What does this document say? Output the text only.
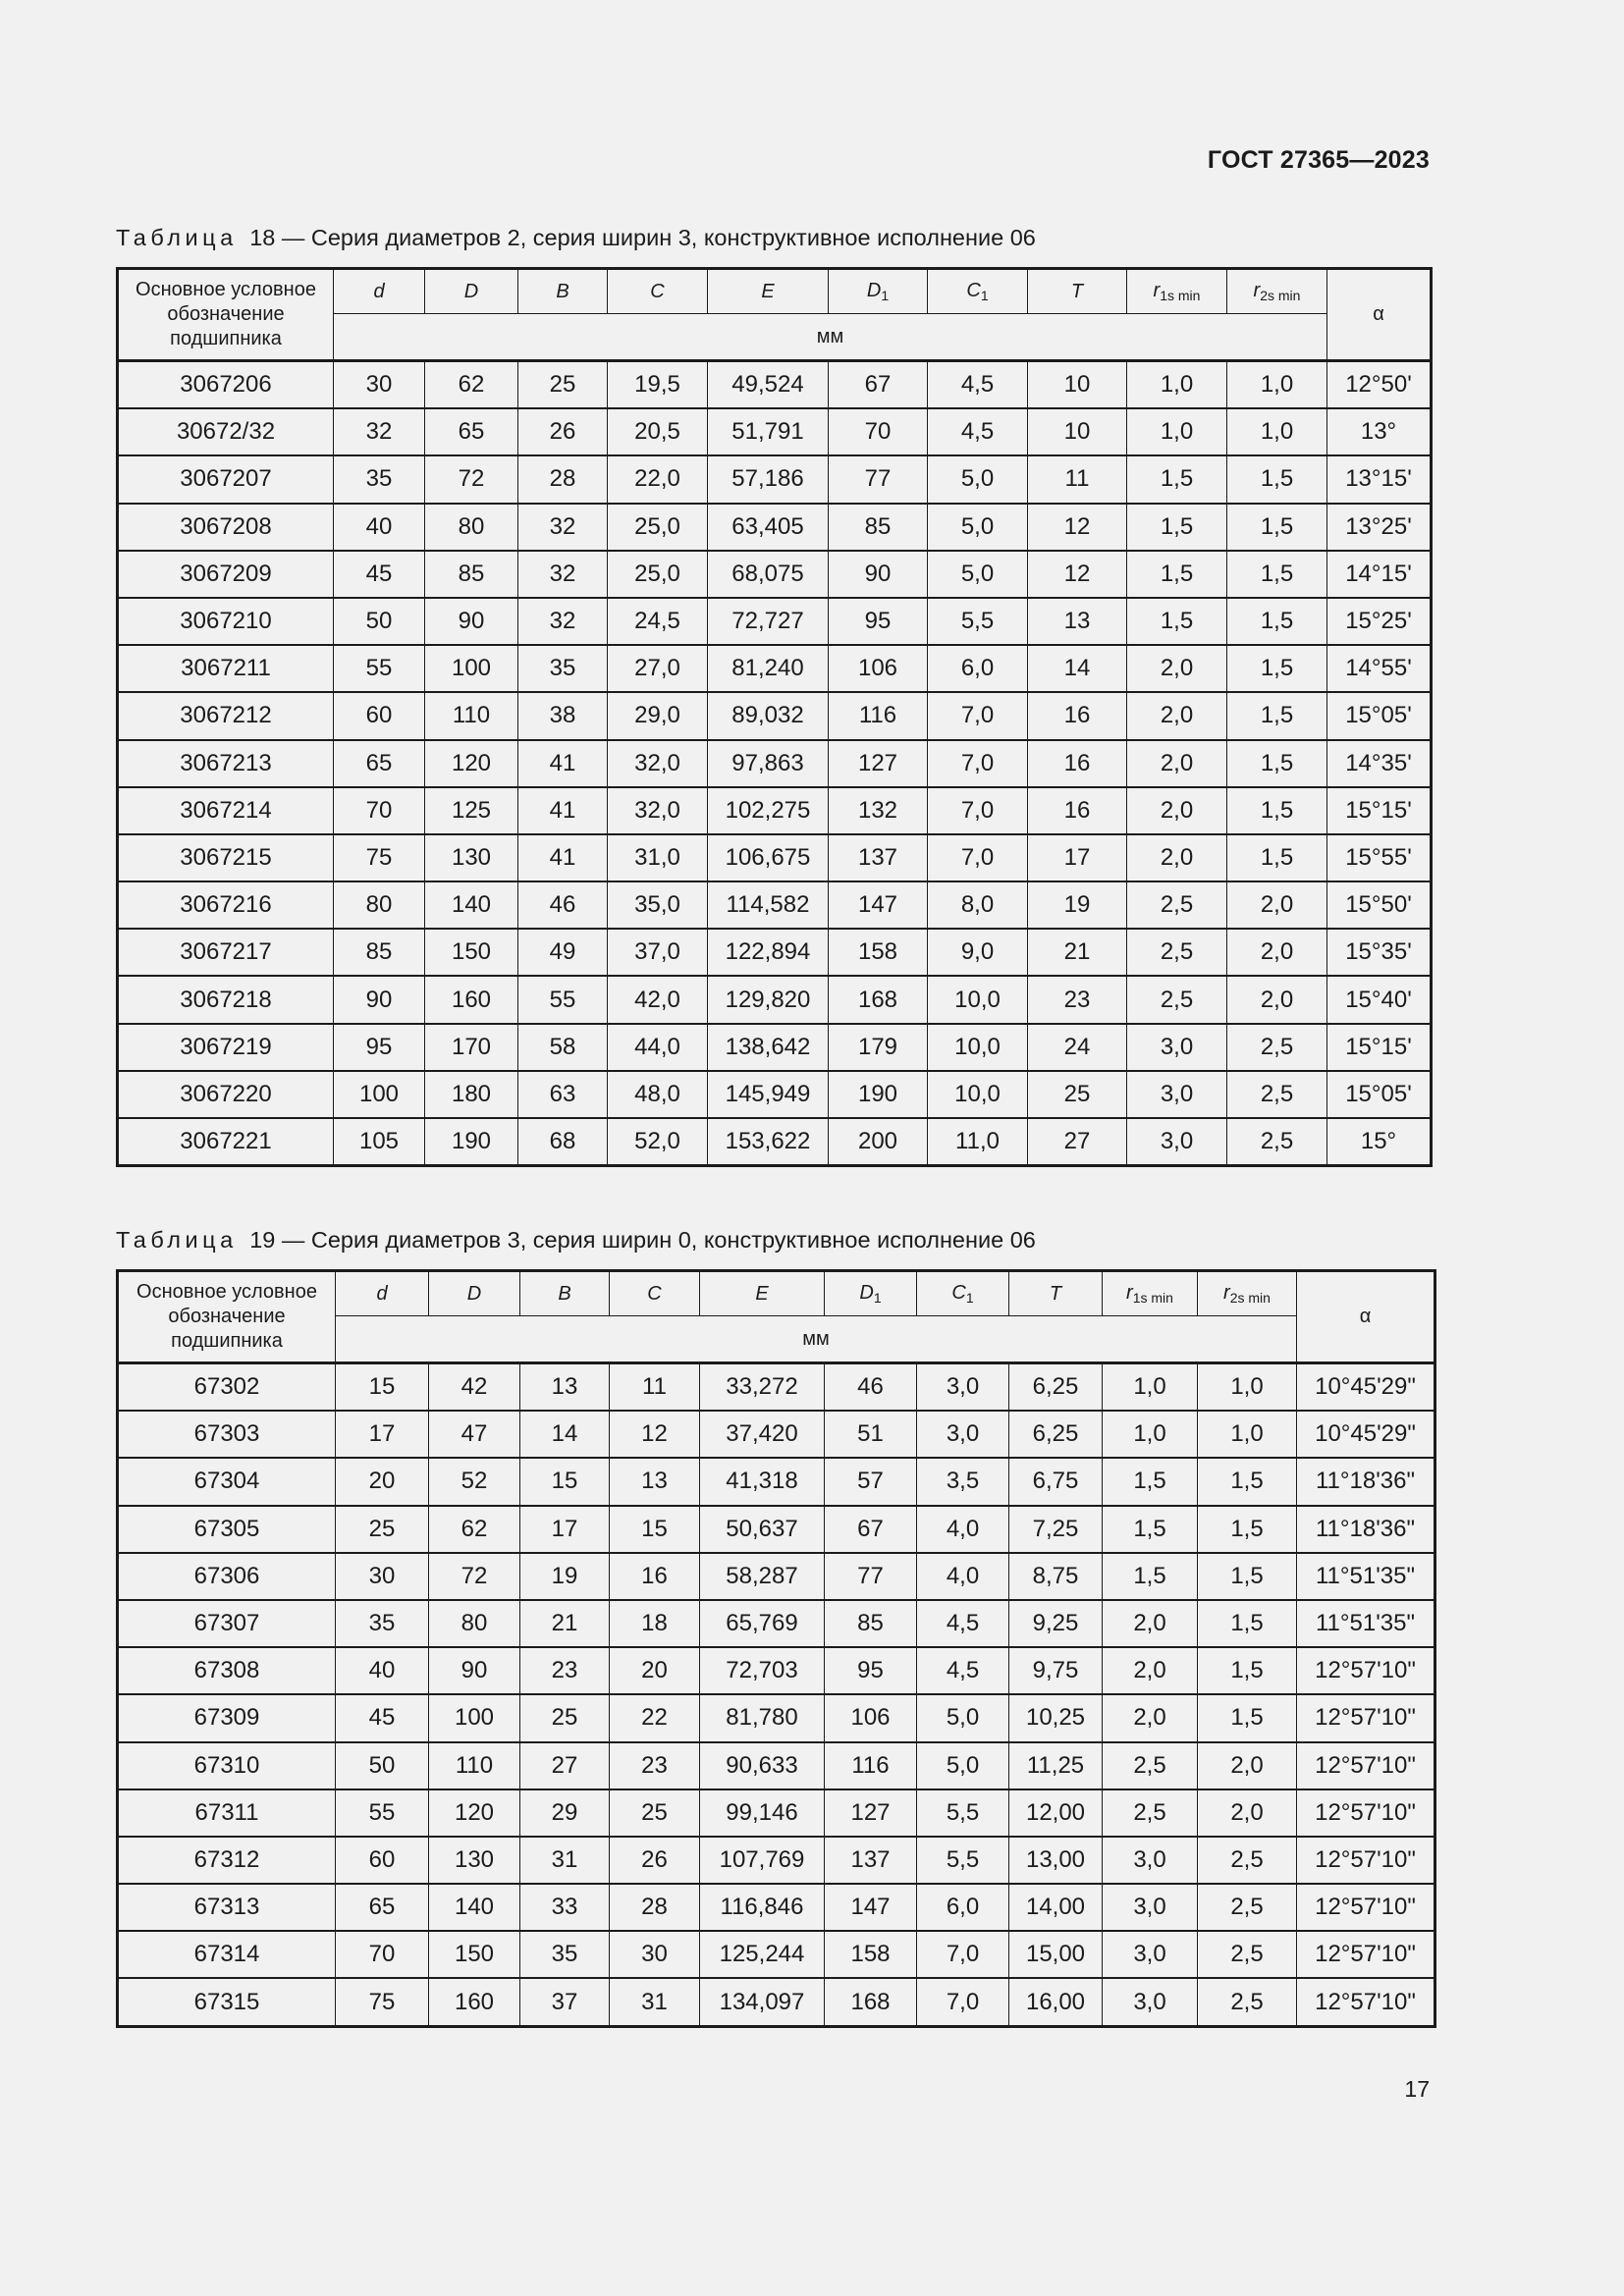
ГОСТ 27365—2023
Таблица 18 — Серия диаметров 2, серия ширин 3, конструктивное исполнение 06
Основное условное
обозначение
подшипника	d	D	B	C	E	$D_1$	$C_1$	T	$r_{1s min}$	$r_{2s min}$	α
	мм										
3067206	30	62	25	19,5	49,524	67	4,5	10	1,0	1,0	12°50'
30672/32	32	65	26	20,5	51,791	70	4,5	10	1,0	1,0	13°
3067207	35	72	28	22,0	57,186	77	5,0	11	1,5	1,5	13°15'
3067208	40	80	32	25,0	63,405	85	5,0	12	1,5	1,5	13°25'
3067209	45	85	32	25,0	68,075	90	5,0	12	1,5	1,5	14°15'
3067210	50	90	32	24,5	72,727	95	5,5	13	1,5	1,5	15°25'
3067211	55	100	35	27,0	81,240	106	6,0	14	2,0	1,5	14°55'
3067212	60	110	38	29,0	89,032	116	7,0	16	2,0	1,5	15°05'
3067213	65	120	41	32,0	97,863	127	7,0	16	2,0	1,5	14°35'
3067214	70	125	41	32,0	102,275	132	7,0	16	2,0	1,5	15°15'
3067215	75	130	41	31,0	106,675	137	7,0	17	2,0	1,5	15°55'
3067216	80	140	46	35,0	114,582	147	8,0	19	2,5	2,0	15°50'
3067217	85	150	49	37,0	122,894	158	9,0	21	2,5	2,0	15°35'
3067218	90	160	55	42,0	129,820	168	10,0	23	2,5	2,0	15°40'
3067219	95	170	58	44,0	138,642	179	10,0	24	3,0	2,5	15°15'
3067220	100	180	63	48,0	145,949	190	10,0	25	3,0	2,5	15°05'
3067221	105	190	68	52,0	153,622	200	11,0	27	3,0	2,5	15°
Таблица 19 — Серия диаметров 3, серия ширин 0, конструктивное исполнение 06
Основное условное
обозначение
подшипника	d	D	B	C	E	$D_1$	$C_1$	T	$r_{1s min}$	$r_{2s min}$	α
	мм										
67302	15	42	13	11	33,272	46	3,0	6,25	1,0	1,0	10°45'29"
67303	17	47	14	12	37,420	51	3,0	6,25	1,0	1,0	10°45'29"
67304	20	52	15	13	41,318	57	3,5	6,75	1,5	1,5	11°18'36"
67305	25	62	17	15	50,637	67	4,0	7,25	1,5	1,5	11°18'36"
67306	30	72	19	16	58,287	77	4,0	8,75	1,5	1,5	11°51'35"
67307	35	80	21	18	65,769	85	4,5	9,25	2,0	1,5	11°51'35"
67308	40	90	23	20	72,703	95	4,5	9,75	2,0	1,5	12°57'10"
67309	45	100	25	22	81,780	106	5,0	10,25	2,0	1,5	12°57'10"
67310	50	110	27	23	90,633	116	5,0	11,25	2,5	2,0	12°57'10"
67311	55	120	29	25	99,146	127	5,5	12,00	2,5	2,0	12°57'10"
67312	60	130	31	26	107,769	137	5,5	13,00	3,0	2,5	12°57'10"
67313	65	140	33	28	116,846	147	6,0	14,00	3,0	2,5	12°57'10"
67314	70	150	35	30	125,244	158	7,0	15,00	3,0	2,5	12°57'10"
67315	75	160	37	31	134,097	168	7,0	16,00	3,0	2,5	12°57'10"
17
